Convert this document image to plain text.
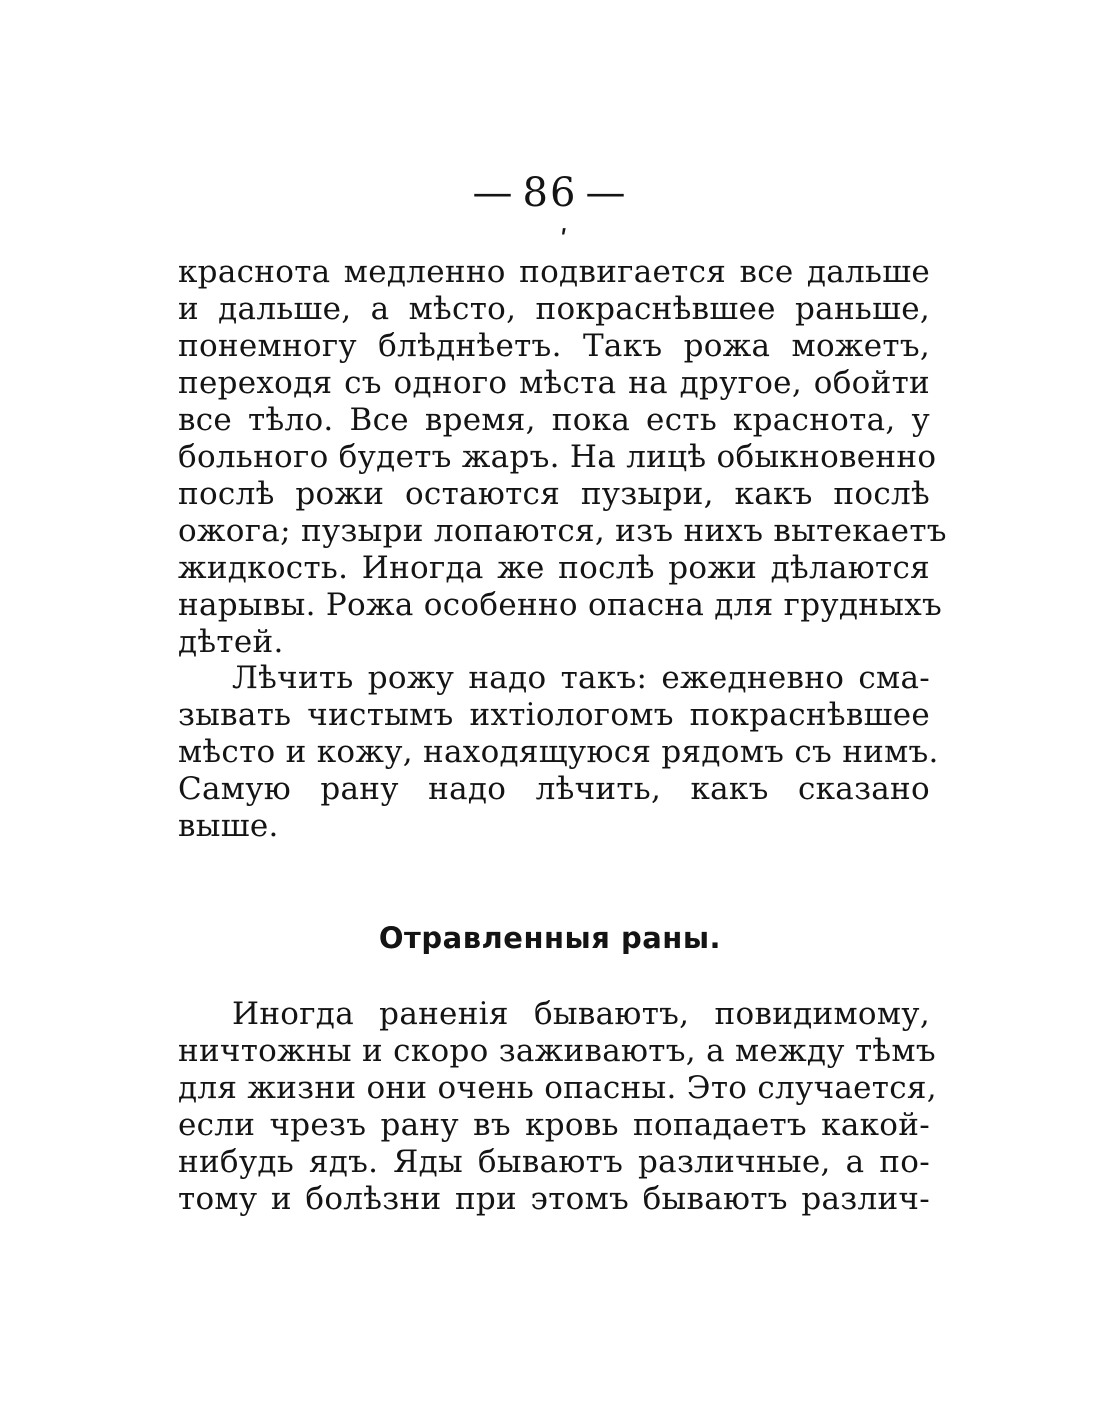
— 86 —
ʹ
краснота медленно подвигается все дальше
и дальше, а мѣсто, покраснѣвшее раньше,
понемногу блѣднѣетъ. Такъ рожа можетъ,
переходя съ одного мѣста на другое, обойти
все тѣло. Все время, пока есть краснота, у
больного будетъ жаръ. На лицѣ обыкновенно
послѣ рожи остаются пузыри, какъ послѣ
ожога; пузыри лопаются, изъ нихъ вытекаетъ
жидкость. Иногда же послѣ рожи дѣлаются
нарывы. Рожа особенно опасна для грудныхъ
дѣтей.
Лѣчить рожу надо такъ: ежедневно сма-
зывать чистымъ ихтіологомъ покраснѣвшее
мѣсто и кожу, находящуюся рядомъ съ нимъ.
Самую рану надо лѣчить, какъ сказано
выше.
Отравленныя раны.
Иногда раненія бываютъ, повидимому,
ничтожны и скоро заживаютъ, а между тѣмъ
для жизни они очень опасны. Это случается,
если чрезъ рану въ кровь попадаетъ какой-
нибудь ядъ. Яды бываютъ различные, а по-
тому и болѣзни при этомъ бываютъ различ-
